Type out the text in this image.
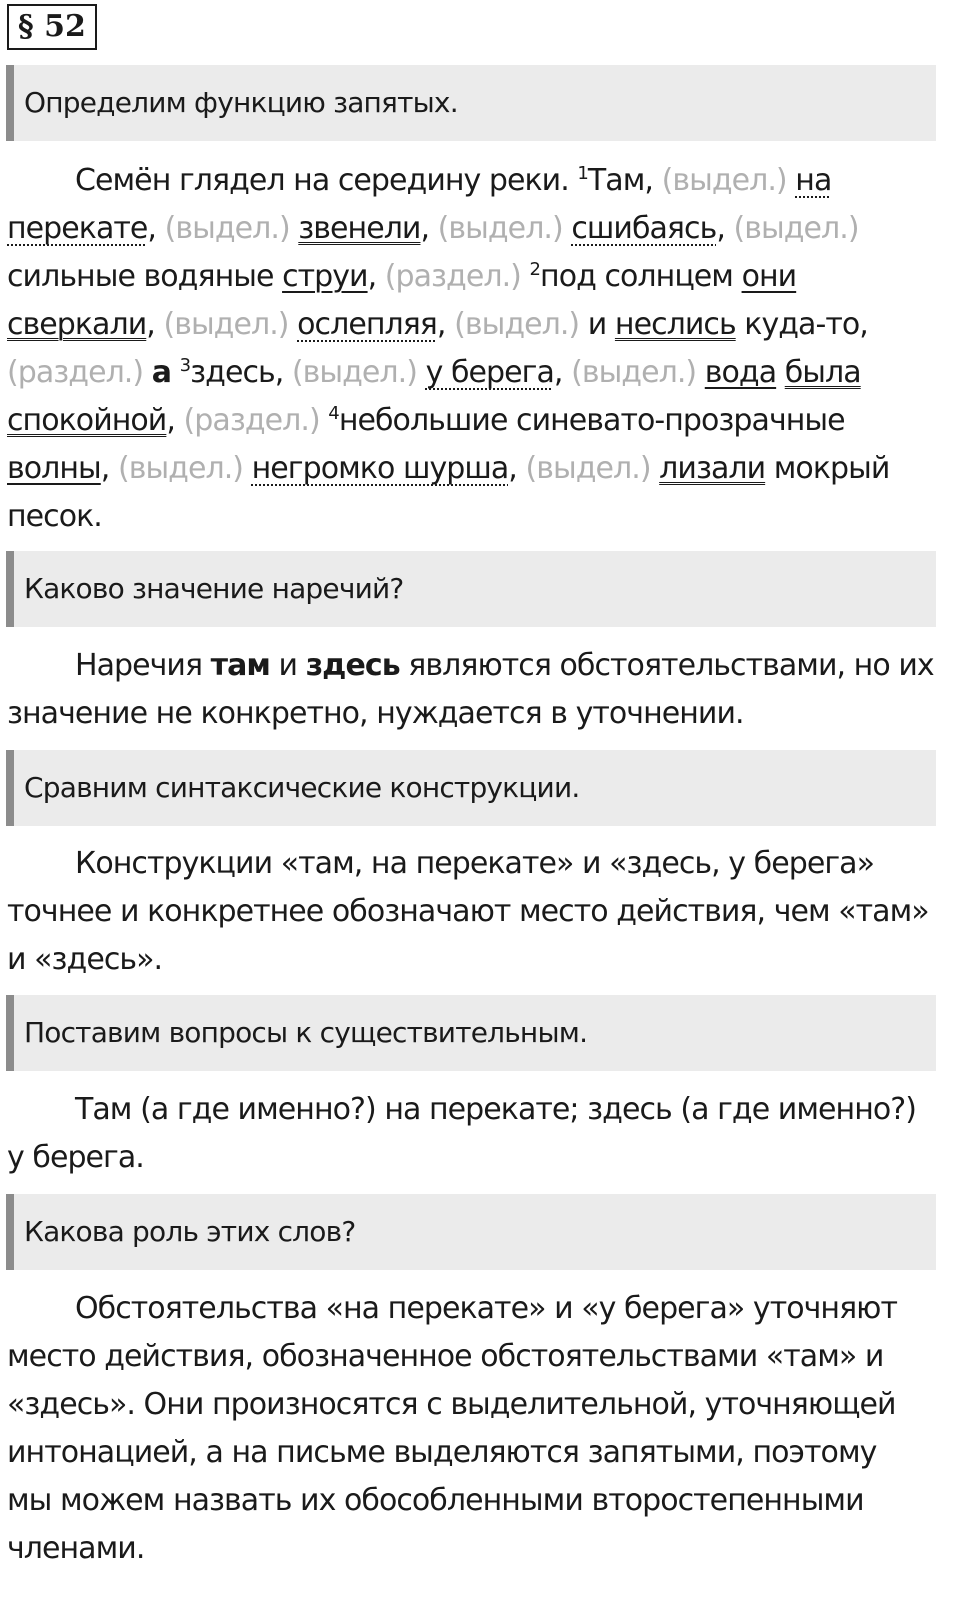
§ 52
Определим функцию запятых.
Семён глядел на середину реки. $^1$Там, (выдел.) на
перекате, (выдел.) звенели, (выдел.) сшибаясь, (выдел.)
сильные водяные струи, (раздел.) $^2$под солнцем они
сверкали, (выдел.) ослепляя, (выдел.) и неслись куда-то,
(раздел.) а $^3$здесь, (выдел.) у берега, (выдел.) вода была
спокойной, (раздел.) $^4$небольшие синевато-прозрачные
волны, (выдел.) негромко шурша, (выдел.) лизали мокрый
песок.
Каково значение наречий?
Наречия там и здесь являются обстоятельствами, но их
значение не конкретно, нуждается в уточнении.
Сравним синтаксические конструкции.
Конструкции «там, на перекате» и «здесь, у берега»
точнее и конкретнее обозначают место действия, чем «там»
и «здесь».
Поставим вопросы к существительным.
Там (а где именно?) на перекате; здесь (а где именно?)
у берега.
Какова роль этих слов?
Обстоятельства «на перекате» и «у берега» уточняют
место действия, обозначенное обстоятельствами «там» и
«здесь». Они произносятся с выделительной, уточняющей
интонацией, а на письме выделяются запятыми, поэтому
мы можем назвать их обособленными второстепенными
членами.
